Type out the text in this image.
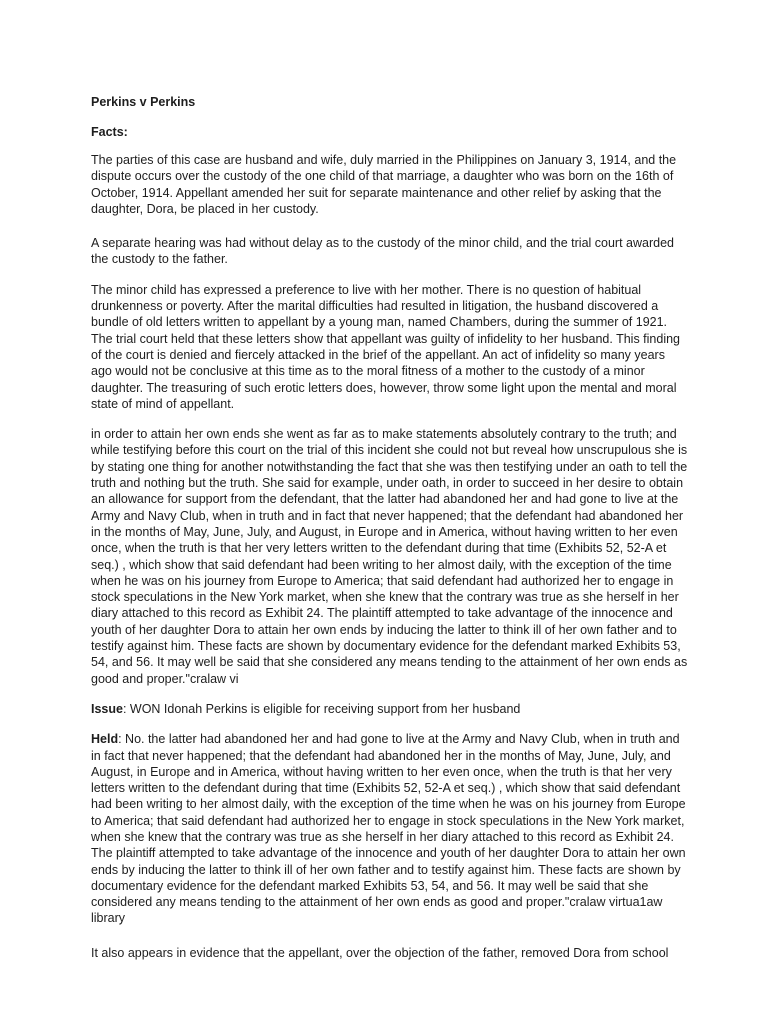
Perkins v Perkins
Facts:

The parties of this case are husband and wife, duly married in the Philippines on January 3, 1914, and the dispute occurs over the custody of the one child of that marriage, a daughter who was born on the 16th of October, 1914. Appellant amended her suit for separate maintenance and other relief by asking that the daughter, Dora, be placed in her custody.

A separate hearing was had without delay as to the custody of the minor child, and the trial court awarded the custody to the father.

The minor child has expressed a preference to live with her mother. There is no question of habitual drunkenness or poverty. After the marital difficulties had resulted in litigation, the husband discovered a bundle of old letters written to appellant by a young man, named Chambers, during the summer of 1921. The trial court held that these letters show that appellant was guilty of infidelity to her husband. This finding of the court is denied and fiercely attacked in the brief of the appellant. An act of infidelity so many years ago would not be conclusive at this time as to the moral fitness of a mother to the custody of a minor daughter. The treasuring of such erotic letters does, however, throw some light upon the mental and moral state of mind of appellant.

in order to attain her own ends she went as far as to make statements absolutely contrary to the truth; and while testifying before this court on the trial of this incident she could not but reveal how unscrupulous she is by stating one thing for another notwithstanding the fact that she was then testifying under an oath to tell the truth and nothing but the truth. She said for example, under oath, in order to succeed in her desire to obtain an allowance for support from the defendant, that the latter had abandoned her and had gone to live at the Army and Navy Club, when in truth and in fact that never happened; that the defendant had abandoned her in the months of May, June, July, and August, in Europe and in America, without having written to her even once, when the truth is that her very letters written to the defendant during that time (Exhibits 52, 52-A et seq.) , which show that said defendant had been writing to her almost daily, with the exception of the time when he was on his journey from Europe to America; that said defendant had authorized her to engage in stock speculations in the New York market, when she knew that the contrary was true as she herself in her diary attached to this record as Exhibit 24. The plaintiff attempted to take advantage of the innocence and youth of her daughter Dora to attain her own ends by inducing the latter to think ill of her own father and to testify against him. These facts are shown by documentary evidence for the defendant marked Exhibits 53, 54, and 56. It may well be said that she considered any means tending to the attainment of her own ends as good and proper."cralaw vi

Issue: WON Idonah Perkins is eligible for receiving support from her husband

Held: No. the latter had abandoned her and had gone to live at the Army and Navy Club, when in truth and in fact that never happened; that the defendant had abandoned her in the months of May, June, July, and August, in Europe and in America, without having written to her even once, when the truth is that her very letters written to the defendant during that time (Exhibits 52, 52-A et seq.) , which show that said defendant had been writing to her almost daily, with the exception of the time when he was on his journey from Europe to America; that said defendant had authorized her to engage in stock speculations in the New York market, when she knew that the contrary was true as she herself in her diary attached to this record as Exhibit 24. The plaintiff attempted to take advantage of the innocence and youth of her daughter Dora to attain her own ends by inducing the latter to think ill of her own father and to testify against him. These facts are shown by documentary evidence for the defendant marked Exhibits 53, 54, and 56. It may well be said that she considered any means tending to the attainment of her own ends as good and proper."cralaw virtua1aw library

It also appears in evidence that the appellant, over the objection of the father, removed Dora from school
